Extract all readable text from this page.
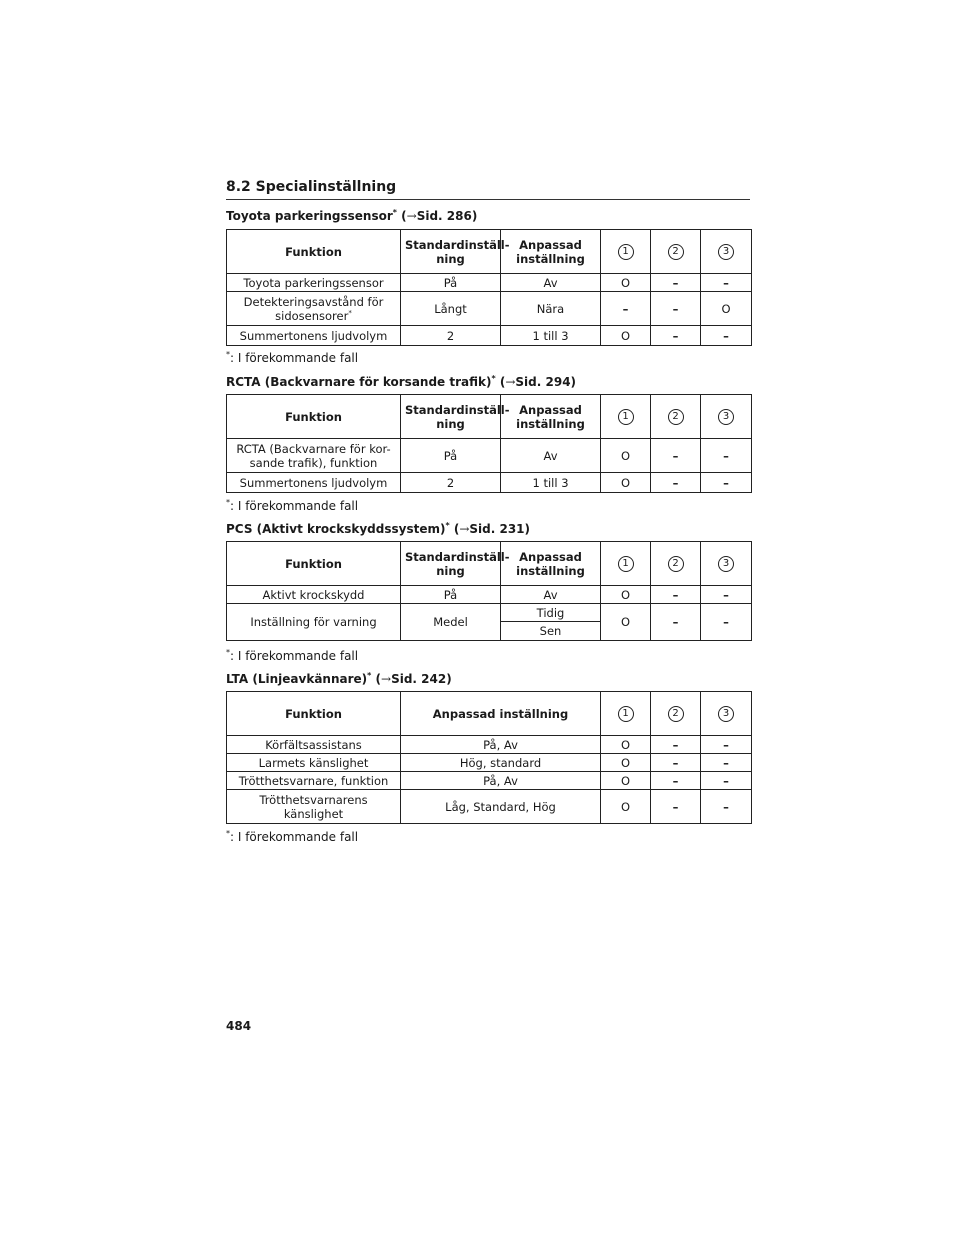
8.2 Specialinställning
Toyota parkeringssensor* (→Sid. 286)
Funktion	Standardinställ-ning	Anpassad inställning	1	2	3
Toyota parkeringssensor	På	Av	O	–	–
Detekteringsavstånd för sidosensorer*	Långt	Nära	–	–	O
Summertonens ljudvolym	2	1 till 3	O	–	–
*: I förekommande fall
RCTA (Backvarnare för korsande trafik)* (→Sid. 294)
Funktion	Standardinställ-ning	Anpassad inställning	1	2	3
RCTA (Backvarnare för kor-sande trafik), funktion	På	Av	O	–	–
Summertonens ljudvolym	2	1 till 3	O	–	–
*: I förekommande fall
PCS (Aktivt krockskyddssystem)* (→Sid. 231)
Funktion	Standardinställ-ning	Anpassad inställning	1	2	3
Aktivt krockskydd	På	Av	O	–	–
Inställning för varning	Medel	Tidig	O	–	–
		Sen			
*: I förekommande fall
LTA (Linjeavkännare)* (→Sid. 242)
Funktion	Anpassad inställning	1	2	3
Körfältsassistans	På, Av	O	–	–
Larmets känslighet	Hög, standard	O	–	–
Trötthetsvarnare, funktion	På, Av	O	–	–
Trötthetsvarnarens känslighet	Låg, Standard, Hög	O	–	–
*: I förekommande fall
484
